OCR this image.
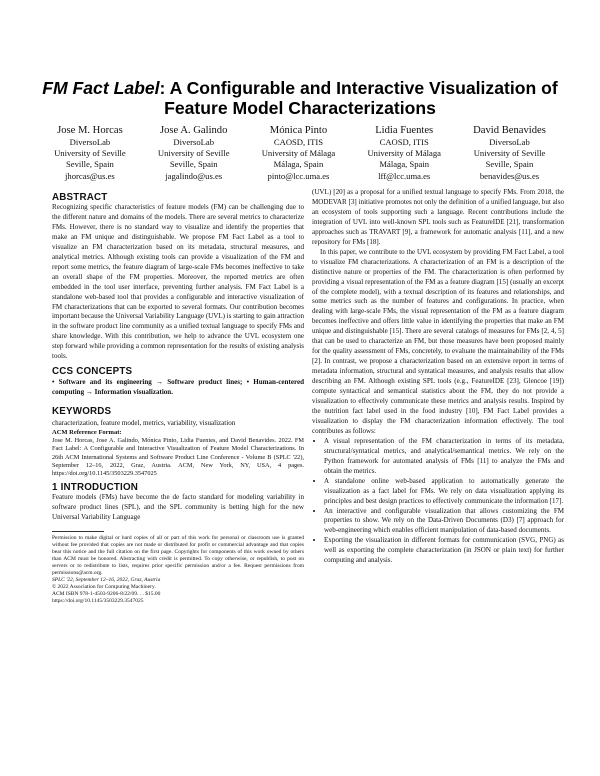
FM Fact Label: A Configurable and Interactive Visualization of Feature Model Characterizations
Jose M. Horcas
DiversoLab
University of Seville
Seville, Spain
jhorcas@us.es
Jose A. Galindo
DiversoLab
University of Seville
Seville, Spain
jagalindo@us.es
Mónica Pinto
CAOSD, ITIS
University of Málaga
Málaga, Spain
pinto@lcc.uma.es
Lidia Fuentes
CAOSD, ITIS
University of Málaga
Málaga, Spain
lff@lcc.uma.es
David Benavides
DiversoLab
University of Seville
Seville, Spain
benavides@us.es
ABSTRACT

Recognizing specific characteristics of feature models (FM) can be challenging due to the different nature and domains of the models. There are several metrics to characterize FMs. However, there is no standard way to visualize and identify the properties that make an FM unique and distinguishable. We propose FM Fact Label as a tool to visualize an FM characterization based on its metadata, structural measures, and analytical metrics. Although existing tools can provide a visualization of the FM and report some metrics, the feature diagram of large-scale FMs becomes ineffective to take an overall shape of the FM properties. Moreover, the reported metrics are often embedded in the tool user interface, preventing further analysis. FM Fact Label is a standalone web-based tool that provides a configurable and interactive visualization of FM characterizations that can be exported to several formats. Our contribution becomes important because the Universal Variability Language (UVL) is starting to gain attraction in the software product line community as a unified textual language to specify FMs and share knowledge. With this contribution, we help to advance the UVL ecosystem one step forward while providing a common representation for the results of existing analysis tools.

CCS CONCEPTS

• Software and its engineering → Software product lines; • Human-centered computing → Information visualization.

KEYWORDS

characterization, feature model, metrics, variability, visualization

ACM Reference Format:

Jose M. Horcas, Jose A. Galindo, Mónica Pinto, Lidia Fuentes, and David Benavides. 2022. FM Fact Label: A Configurable and Interactive Visualization of Feature Model Characterizations. In 26th ACM International Systems and Software Product Line Conference - Volume B (SPLC '22), September 12–16, 2022, Graz, Austria. ACM, New York, NY, USA, 4 pages. https://doi.org/10.1145/3503229.3547025

1 INTRODUCTION

Feature models (FMs) have become the de facto standard for modeling variability in software product lines (SPL), and the SPL community is betting high for the new Universal Variability Language

Permission to make digital or hard copies of all or part of this work for personal or classroom use is granted without fee provided that copies are not made or distributed for profit or commercial advantage and that copies bear this notice and the full citation on the first page. Copyrights for components of this work owned by others than ACM must be honored. Abstracting with credit is permitted. To copy otherwise, or republish, to post on servers or to redistribute to lists, requires prior specific permission and/or a fee. Request permissions from permissions@acm.org.

SPLC '22, September 12–16, 2022, Graz, Austria

© 2022 Association for Computing Machinery.

ACM ISBN 978-1-4503-9206-8/22/09. . . $15.00

https://doi.org/10.1145/3503229.3547025

(UVL) [20] as a proposal for a unified textual language to specify FMs. From 2018, the MODEVAR [3] initiative promotes not only the definition of a unified language, but also an ecosystem of tools supporting such a language. Recent contributions include the integration of UVL into well-known SPL tools such as FeatureIDE [21], transformation approaches such as TRAVART [9], a framework for automatic analysis [11], and a new repository for FMs [18].

In this paper, we contribute to the UVL ecosystem by providing FM Fact Label, a tool to visualize FM characterizations. A characterization of an FM is a description of the distinctive nature or properties of the FM. The characterization is often performed by providing a visual representation of the FM as a feature diagram [15] (usually an excerpt of the complete model), with a textual description of its features and relationships, and some metrics such as the number of features and configurations. In practice, when dealing with large-scale FMs, the visual representation of the FM as a feature diagram becomes ineffective and offers little value in identifying the properties that make an FM unique and distinguishable [15]. There are several catalogs of measures for FMs [2, 4, 5] that can be used to characterize an FM, but those measures have been proposed mainly for the quality assessment of FMs, concretely, to evaluate the maintainability of the FMs [2]. In contrast, we propose a characterization based on an extensive report in terms of metadata information, structural and syntatical measures, and analysis results that allow describing an FM. Although existing SPL tools (e.g., FeatureIDE [23], Glencoe [19]) compute syntactical and semantical statistics about the FM, they do not provide a visualization to effectively communicate these metrics and analysis results. Inspired by the nutrition fact label used in the food industry [10], FM Fact Label provides a visualization to display the FM characterization information effectively. The tool contributes as follows:

• A visual representation of the FM characterization in terms of its metadata, structural/syntatical metrics, and analytical/semantical metrics. We rely on the Python framework for automated analysis of FMs [11] to analyze the FMs and obtain the metrics.
• A standalone online web-based application to automatically generate the visualization as a fact label for FMs. We rely on data visualization applying its principles and best design practices to effectively communicate the information [17].
• An interactive and configurable visualization that allows customizing the FM properties to show. We rely on the Data-Driven Documents (D3) [7] approach for web-engineering which enables efficient manipulation of data-based documents.
• Exporting the visualization in different formats for communication (SVG, PNG) as well as exporting the complete characterization (in JSON or plain text) for further computing and analysis.
